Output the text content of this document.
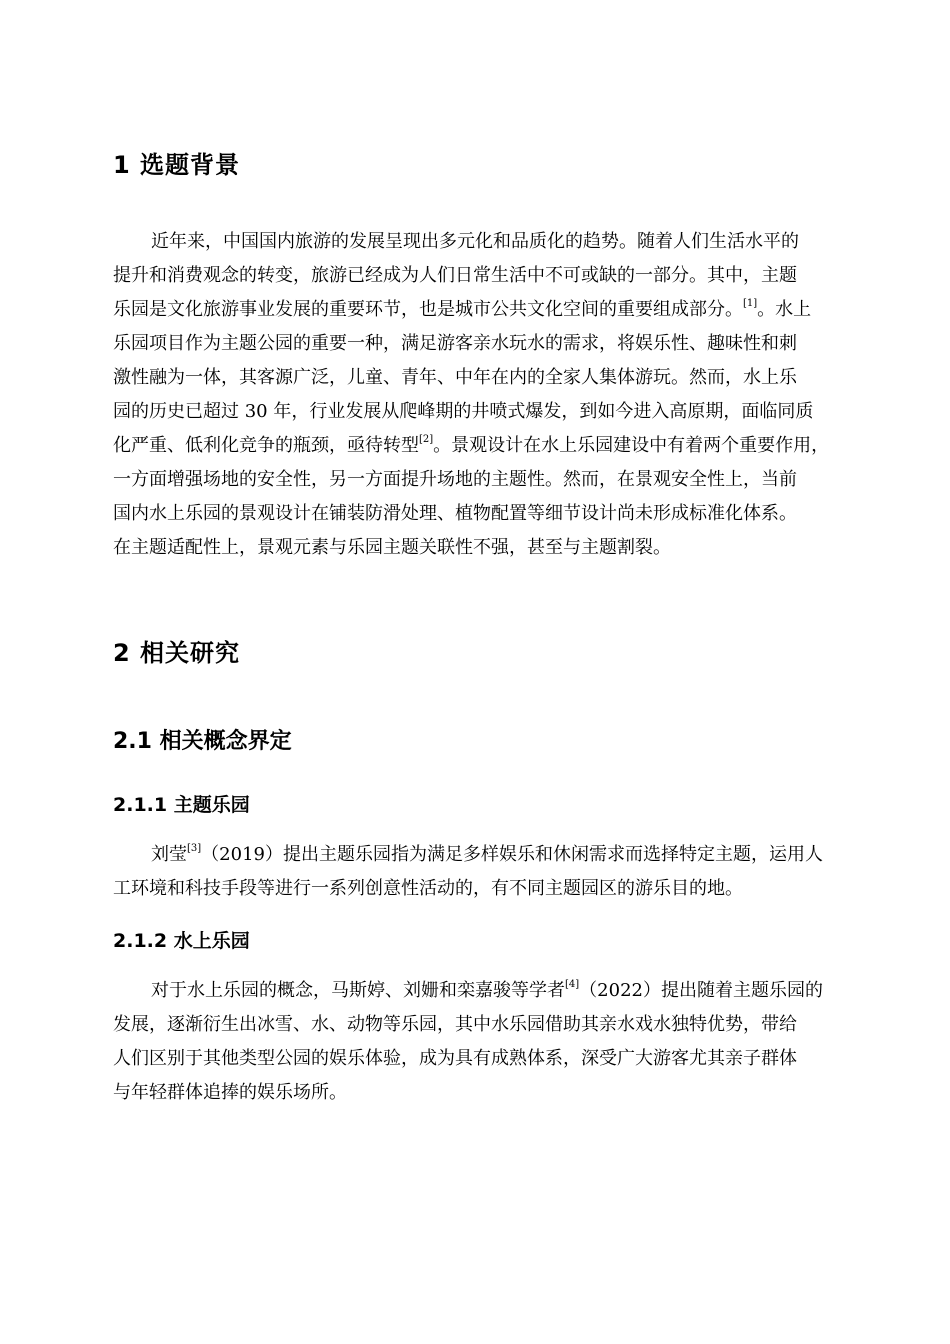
1 选题背景
近年来，中国国内旅游的发展呈现出多元化和品质化的趋势。随着人们生活水平的
提升和消费观念的转变，旅游已经成为人们日常生活中不可或缺的一部分。其中，主题
乐园是文化旅游事业发展的重要环节，也是城市公共文化空间的重要组成部分。[1]。水上
乐园项目作为主题公园的重要一种，满足游客亲水玩水的需求，将娱乐性、趣味性和刺
激性融为一体，其客源广泛，儿童、青年、中年在内的全家人集体游玩。然而，水上乐
园的历史已超过 30 年，行业发展从爬峰期的井喷式爆发，到如今进入高原期，面临同质
化严重、低利化竞争的瓶颈，亟待转型[2]。景观设计在水上乐园建设中有着两个重要作用，
一方面增强场地的安全性，另一方面提升场地的主题性。然而，在景观安全性上，当前
国内水上乐园的景观设计在铺装防滑处理、植物配置等细节设计尚未形成标准化体系。
在主题适配性上，景观元素与乐园主题关联性不强，甚至与主题割裂。
2 相关研究
2.1 相关概念界定
2.1.1 主题乐园
刘莹[3]（2019）提出主题乐园指为满足多样娱乐和休闲需求而选择特定主题，运用人
工环境和科技手段等进行一系列创意性活动的，有不同主题园区的游乐目的地。
2.1.2 水上乐园
对于水上乐园的概念，马斯婷、刘姗和栾嘉骏等学者[4]（2022）提出随着主题乐园的
发展，逐渐衍生出冰雪、水、动物等乐园，其中水乐园借助其亲水戏水独特优势，带给
人们区别于其他类型公园的娱乐体验，成为具有成熟体系，深受广大游客尤其亲子群体
与年轻群体追捧的娱乐场所。
